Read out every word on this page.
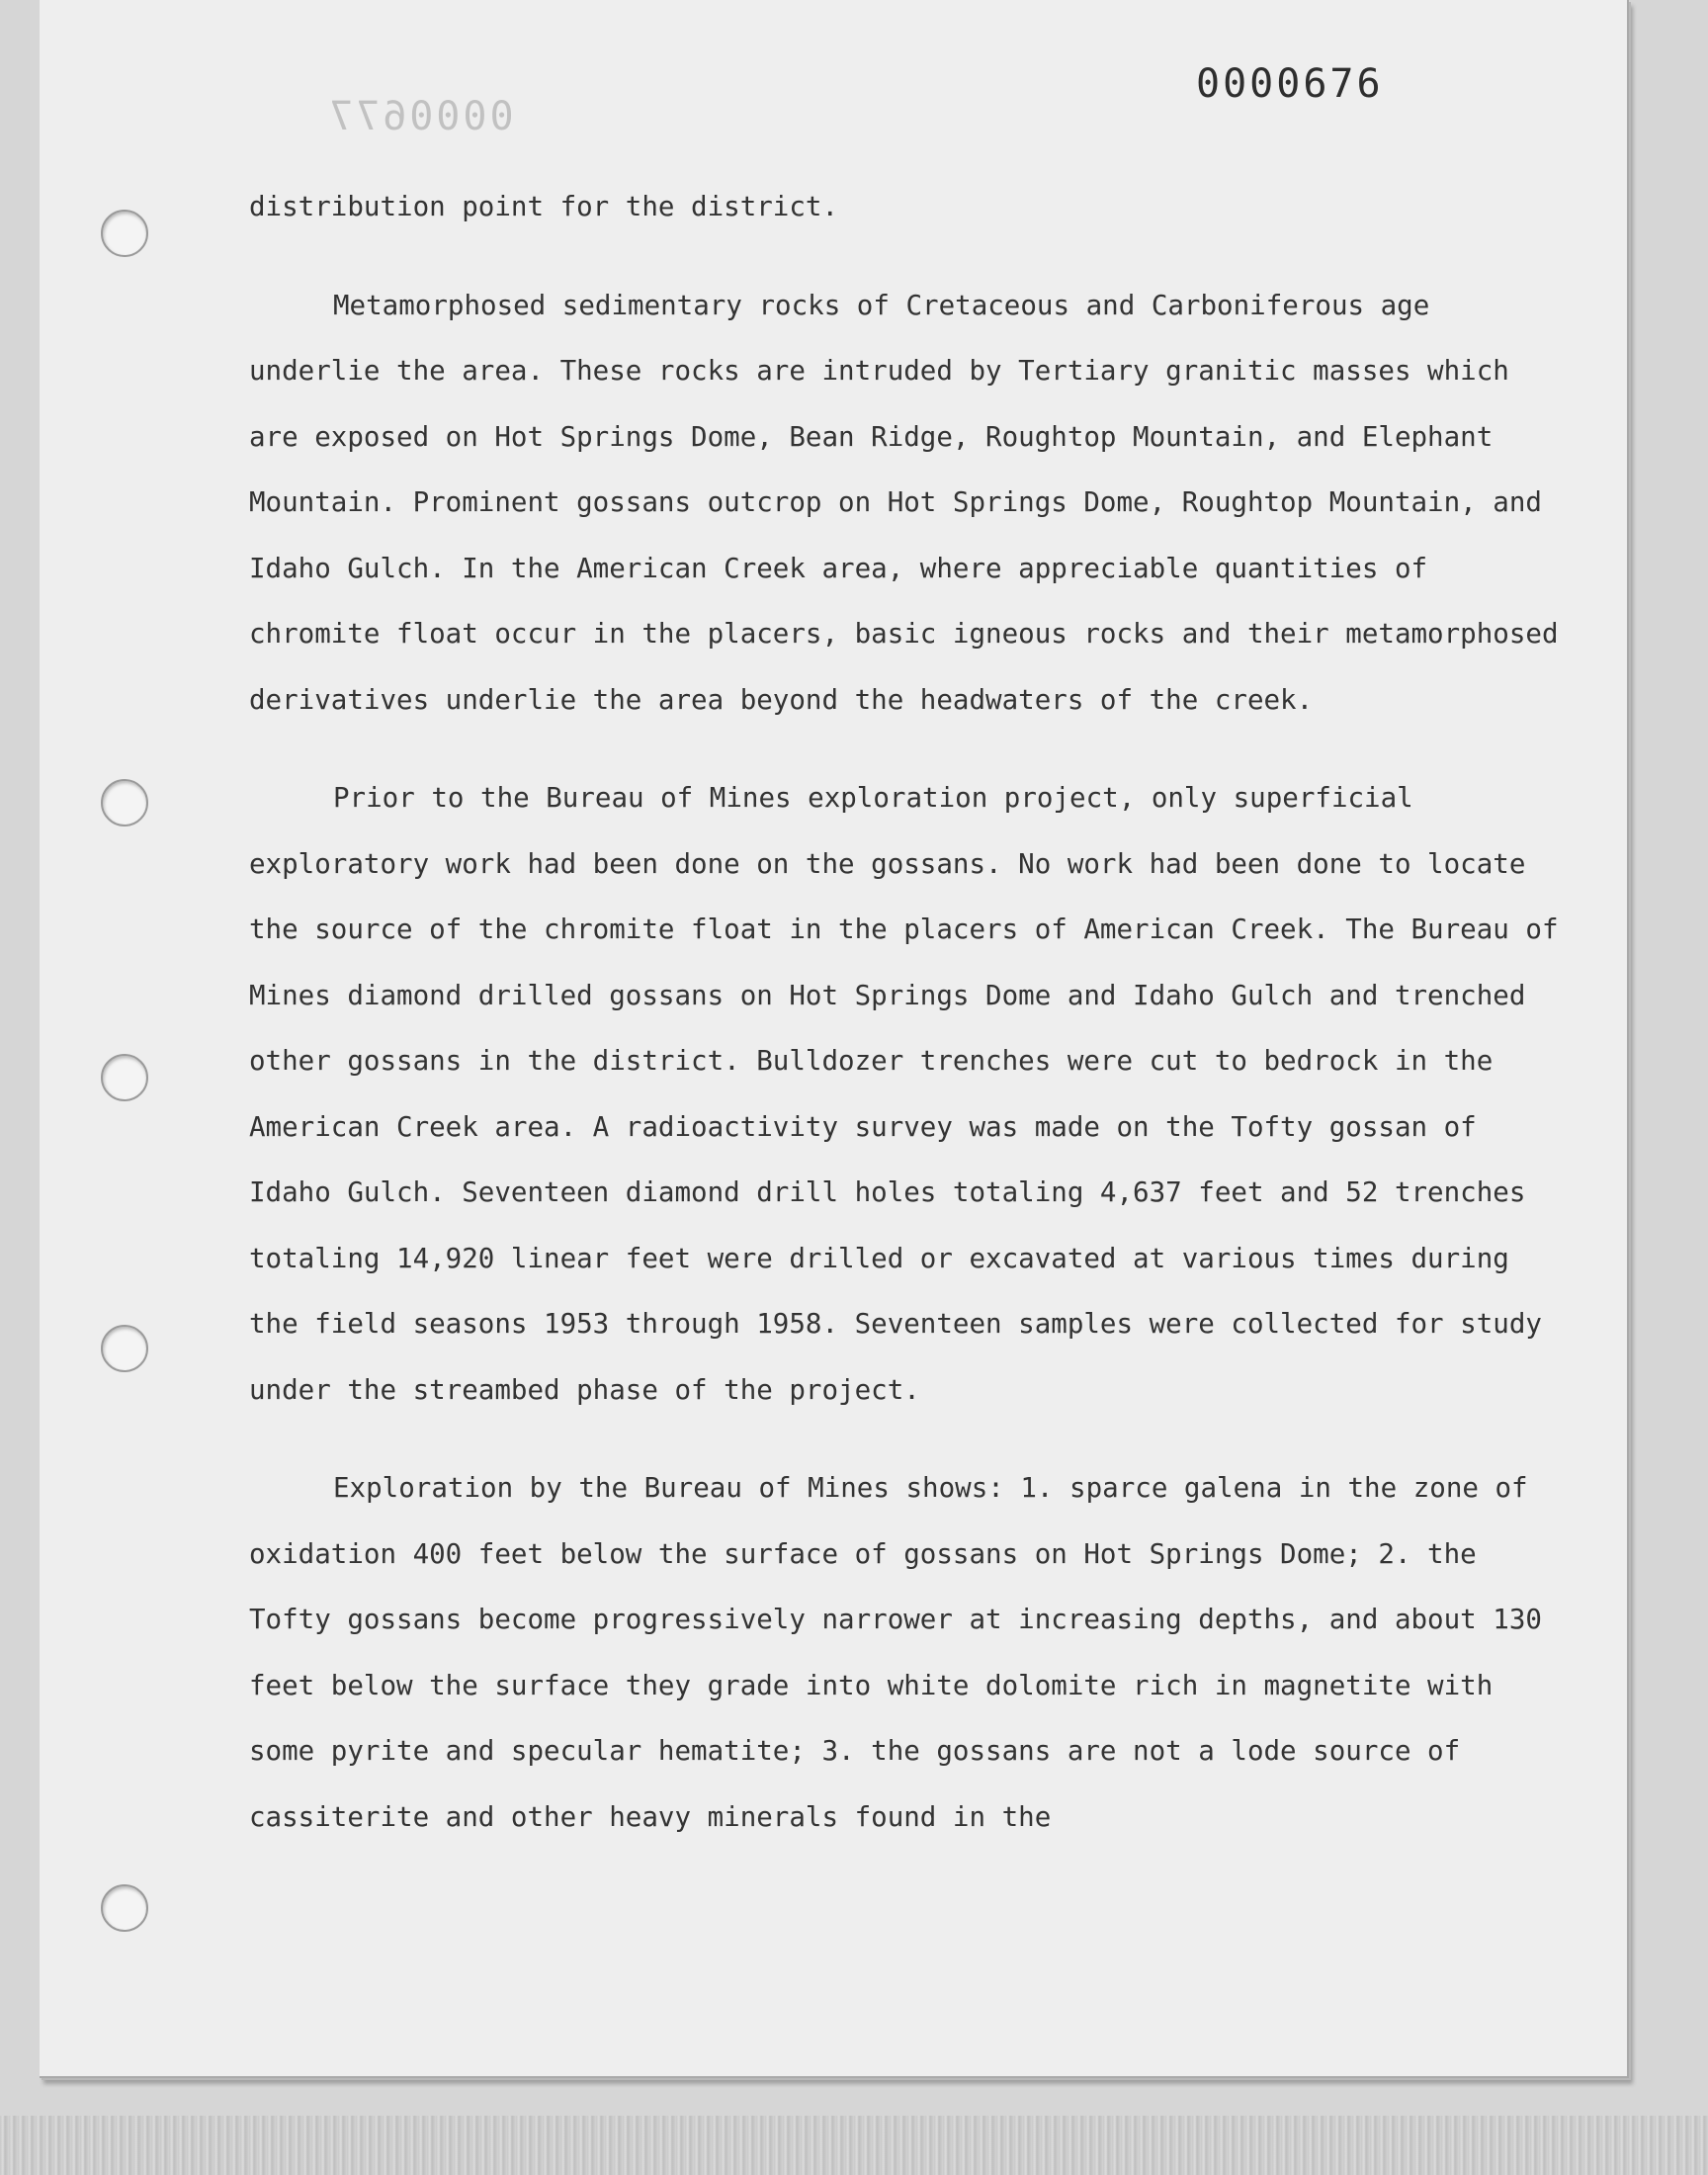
0000676
0000677

distribution point for the district.

Metamorphosed sedimentary rocks of Cretaceous and Carboniferous age underlie the area. These rocks are intruded by Tertiary granitic masses which are exposed on Hot Springs Dome, Bean Ridge, Roughtop Mountain, and Elephant Mountain. Prominent gossans outcrop on Hot Springs Dome, Roughtop Mountain, and Idaho Gulch. In the American Creek area, where appreciable quantities of chromite float occur in the placers, basic igneous rocks and their metamorphosed derivatives underlie the area beyond the headwaters of the creek.

Prior to the Bureau of Mines exploration project, only superficial exploratory work had been done on the gossans. No work had been done to locate the source of the chromite float in the placers of American Creek. The Bureau of Mines diamond drilled gossans on Hot Springs Dome and Idaho Gulch and trenched other gossans in the district. Bulldozer trenches were cut to bedrock in the American Creek area. A radioactivity survey was made on the Tofty gossan of Idaho Gulch. Seventeen diamond drill holes totaling 4,637 feet and 52 trenches totaling 14,920 linear feet were drilled or excavated at various times during the field seasons 1953 through 1958. Seventeen samples were collected for study under the streambed phase of the project.

Exploration by the Bureau of Mines shows: 1. sparce galena in the zone of oxidation 400 feet below the surface of gossans on Hot Springs Dome; 2. the Tofty gossans become progressively narrower at increasing depths, and about 130 feet below the surface they grade into white dolomite rich in magnetite with some pyrite and specular hematite; 3. the gossans are not a lode source of cassiterite and other heavy minerals found in the
